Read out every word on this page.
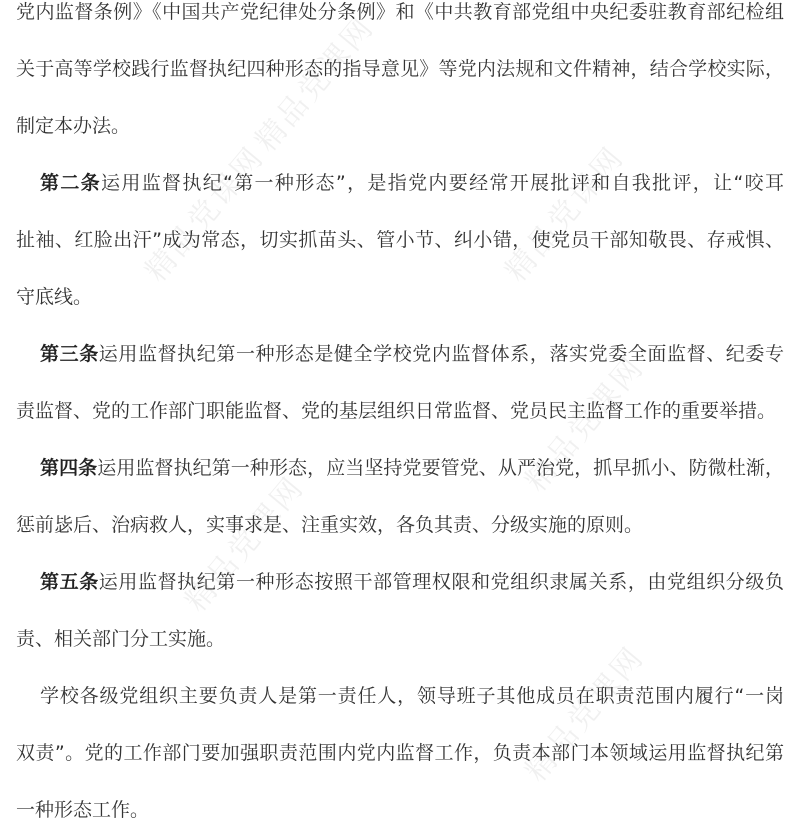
党内监督条例》《中国共产党纪律处分条例》和《中共教育部党组中央纪委驻教育部纪检组
关于高等学校践行监督执纪四种形态的指导意见》等党内法规和文件精神，结合学校实际，
制定本办法。
第二条运用监督执纪“第一种形态”，是指党内要经常开展批评和自我批评，让“咬耳
扯袖、红脸出汗”成为常态，切实抓苗头、管小节、纠小错，使党员干部知敬畏、存戒惧、
守底线。
第三条运用监督执纪第一种形态是健全学校党内监督体系，落实党委全面监督、纪委专
责监督、党的工作部门职能监督、党的基层组织日常监督、党员民主监督工作的重要举措。
第四条运用监督执纪第一种形态，应当坚持党要管党、从严治党，抓早抓小、防微杜渐，
惩前毖后、治病救人，实事求是、注重实效，各负其责、分级实施的原则。
第五条运用监督执纪第一种形态按照干部管理权限和党组织隶属关系，由党组织分级负
责、相关部门分工实施。
学校各级党组织主要负责人是第一责任人，领导班子其他成员在职责范围内履行“一岗
双责”。党的工作部门要加强职责范围内党内监督工作，负责本部门本领域运用监督执纪第
一种形态工作。
精品党课网	精品党课网
精品党课网
精品党课网
精品党课网
精品党课网
